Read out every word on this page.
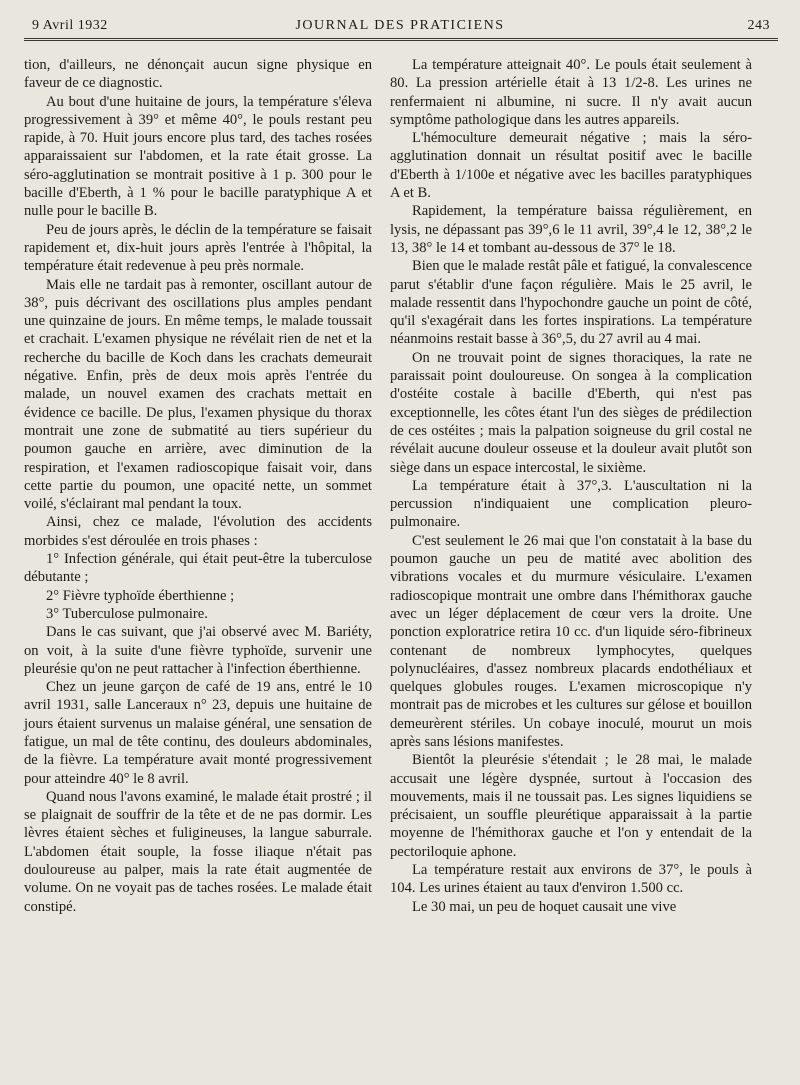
9 Avril 1932	JOURNAL DES PRATICIENS	243

tion, d'ailleurs, ne dénonçait aucun signe physique en faveur de ce diagnostic.

Au bout d'une huitaine de jours, la température s'éleva progressivement à 39° et même 40°, le pouls restant peu rapide, à 70. Huit jours encore plus tard, des taches rosées apparaissaient sur l'abdomen, et la rate était grosse. La séro-agglutination se montrait positive à 1 p. 300 pour le bacille d'Eberth, à 1 % pour le bacille paratyphique A et nulle pour le bacille B.

Peu de jours après, le déclin de la température se faisait rapidement et, dix-huit jours après l'entrée à l'hôpital, la température était redevenue à peu près normale.

Mais elle ne tardait pas à remonter, oscillant autour de 38°, puis décrivant des oscillations plus amples pendant une quinzaine de jours. En même temps, le malade toussait et crachait. L'examen physique ne révélait rien de net et la recherche du bacille de Koch dans les crachats demeurait négative. Enfin, près de deux mois après l'entrée du malade, un nouvel examen des crachats mettait en évidence ce bacille. De plus, l'examen physique du thorax montrait une zone de submatité au tiers supérieur du poumon gauche en arrière, avec diminution de la respiration, et l'examen radioscopique faisait voir, dans cette partie du poumon, une opacité nette, un sommet voilé, s'éclairant mal pendant la toux.

Ainsi, chez ce malade, l'évolution des accidents morbides s'est déroulée en trois phases :

1° Infection générale, qui était peut-être la tuberculose débutante ;

2° Fièvre typhoïde éberthienne ;

3° Tuberculose pulmonaire.

Dans le cas suivant, que j'ai observé avec M. Bariéty, on voit, à la suite d'une fièvre typhoïde, survenir une pleurésie qu'on ne peut rattacher à l'infection éberthienne.

Chez un jeune garçon de café de 19 ans, entré le 10 avril 1931, salle Lanceraux n° 23, depuis une huitaine de jours étaient survenus un malaise général, une sensation de fatigue, un mal de tête continu, des douleurs abdominales, de la fièvre. La température avait monté progressivement pour atteindre 40° le 8 avril.

Quand nous l'avons examiné, le malade était prostré ; il se plaignait de souffrir de la tête et de ne pas dormir. Les lèvres étaient sèches et fuligineuses, la langue saburrale. L'abdomen était souple, la fosse iliaque n'était pas douloureuse au palper, mais la rate était augmentée de volume. On ne voyait pas de taches rosées. Le malade était constipé.

La température atteignait 40°. Le pouls était seulement à 80. La pression artérielle était à 13 1/2-8. Les urines ne renfermaient ni albumine, ni sucre. Il n'y avait aucun symptôme pathologique dans les autres appareils.

L'hémoculture demeurait négative ; mais la séro-agglutination donnait un résultat positif avec le bacille d'Eberth à 1/100e et négative avec les bacilles paratyphiques A et B.

Rapidement, la température baissa régulièrement, en lysis, ne dépassant pas 39°,6 le 11 avril, 39°,4 le 12, 38°,2 le 13, 38° le 14 et tombant au-dessous de 37° le 18.

Bien que le malade restât pâle et fatigué, la convalescence parut s'établir d'une façon régulière. Mais le 25 avril, le malade ressentit dans l'hypochondre gauche un point de côté, qu'il s'exagérait dans les fortes inspirations. La température néanmoins restait basse à 36°,5, du 27 avril au 4 mai.

On ne trouvait point de signes thoraciques, la rate ne paraissait point douloureuse. On songea à la complication d'ostéite costale à bacille d'Eberth, qui n'est pas exceptionnelle, les côtes étant l'un des sièges de prédilection de ces ostéites ; mais la palpation soigneuse du gril costal ne révélait aucune douleur osseuse et la douleur avait plutôt son siège dans un espace intercostal, le sixième.

La température était à 37°,3. L'auscultation ni la percussion n'indiquaient une complication pleuro-pulmonaire.

C'est seulement le 26 mai que l'on constatait à la base du poumon gauche un peu de matité avec abolition des vibrations vocales et du murmure vésiculaire. L'examen radioscopique montrait une ombre dans l'hémithorax gauche avec un léger déplacement de cœur vers la droite. Une ponction exploratrice retira 10 cc. d'un liquide séro-fibrineux contenant de nombreux lymphocytes, quelques polynucléaires, d'assez nombreux placards endothéliaux et quelques globules rouges. L'examen microscopique n'y montrait pas de microbes et les cultures sur gélose et bouillon demeurèrent stériles. Un cobaye inoculé, mourut un mois après sans lésions manifestes.

Bientôt la pleurésie s'étendait ; le 28 mai, le malade accusait une légère dyspnée, surtout à l'occasion des mouvements, mais il ne toussait pas. Les signes liquidiens se précisaient, un souffle pleurétique apparaissait à la partie moyenne de l'hémithorax gauche et l'on y entendait de la pectoriloquie aphone.

La température restait aux environs de 37°, le pouls à 104. Les urines étaient au taux d'environ 1.500 cc.

Le 30 mai, un peu de hoquet causait une vive
